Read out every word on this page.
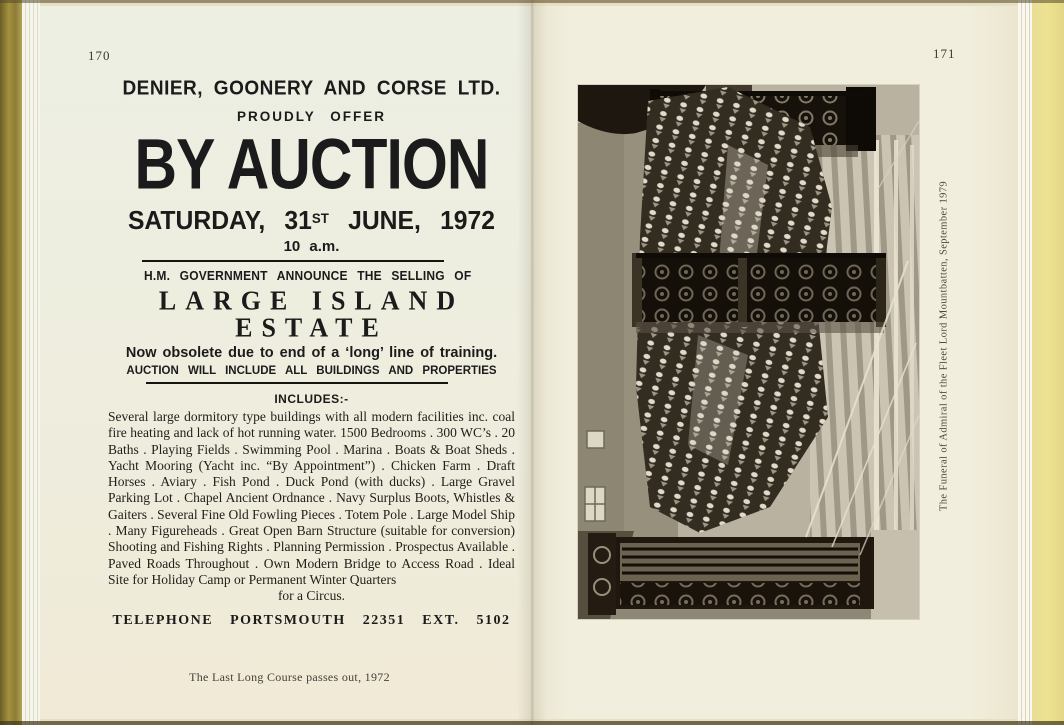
170
DENIER, GOONERY AND CORSE LTD.
PROUDLY OFFER
BY AUCTION
SATURDAY, 31ST JUNE, 1972
10 a.m.
H.M. GOVERNMENT ANNOUNCE THE SELLING OF
LARGE ISLAND
ESTATE
Now obsolete due to end of a ‘long’ line of training.
AUCTION WILL INCLUDE ALL BUILDINGS AND PROPERTIES
INCLUDES:-
Several large dormitory type buildings with all modern facilities inc. coal fire heating and lack of hot running water. 1500 Bedrooms . 300 WC’s . 20 Baths . Playing Fields . Swimming Pool . Marina . Boats & Boat Sheds . Yacht Mooring (Yacht inc. “By Appointment”) . Chicken Farm . Draft Horses . Aviary . Fish Pond . Duck Pond (with ducks) . Large Gravel Parking Lot . Chapel Ancient Ordnance . Navy Surplus Boots, Whistles & Gaiters . Several Fine Old Fowling Pieces . Totem Pole . Large Model Ship . Many Figureheads . Great Open Barn Structure (suitable for conversion) Shooting and Fishing Rights . Planning Permission . Prospectus Available . Paved Roads Throughout . Own Modern Bridge to Access Road . Ideal Site for Holiday Camp or Permanent Winter Quarters
for a Circus.
TELEPHONE PORTSMOUTH 22351 EXT. 5102
The Last Long Course passes out, 1972
171
The Funeral of Admiral of the Fleet Lord Mountbatten, September 1979
